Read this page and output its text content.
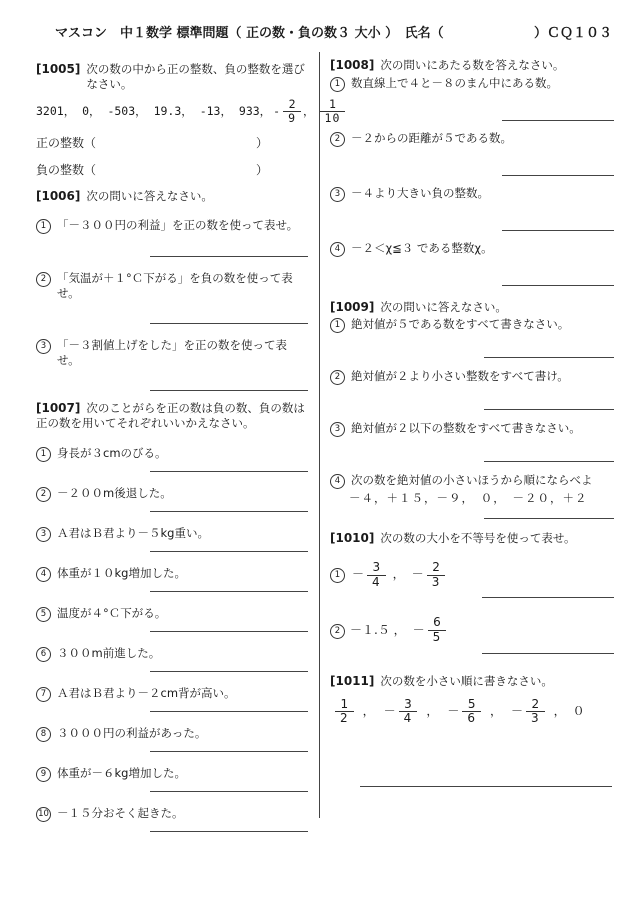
マスコン　中１数学 標準問題（ 正の数・負の数３ 大小 ）　氏名（	）ＣＱ１０３
[1005] 次の数の中から正の整数、負の整数を選びなさい。
3201， 0， -503， 19.3， -13， 933， -
2
9 ，
1
10
正の整数（	）
負の整数（	）
[1006] 次の問いに答えなさい。
1 「－３００円の利益」を正の数を使って表せ。
2 「気温が＋１°Ｃ下がる」を負の数を使って表せ。
3 「－３割値上げをした」を正の数を使って表せ。
[1007] 次のことがらを正の数は負の数、負の数は正の数を用いてそれぞれいいかえなさい。
1 身長が３cmのびる。
2 －２００m後退した。
3 Ａ君はＢ君より－５kg重い。
4 体重が１０kg増加した。
5 温度が４°Ｃ下がる。
6 ３００m前進した。
7 Ａ君はＢ君より－２cm背が高い。
8 ３０００円の利益があった。
9 体重が－６kg増加した。
10 －１５分おそく起きた。
[1008] 次の問いにあたる数を答えなさい。
1 数直線上で４と－８のまん中にある数。
2 －２からの距離が５である数。
3 －４より大きい負の整数。
4 －２＜χ≦３ である整数χ。
[1009] 次の問いに答えなさい。
1 絶対値が５である数をすべて書きなさい。
2 絶対値が２より小さい整数をすべて書け。
3 絶対値が２以下の整数をすべて書きなさい。
4 次の数を絶対値の小さいほうから順にならべよ
－４，＋１５，－９，　０，　－２０，＋２
[1010] 次の数の大小を不等号を使って表せ。
1 －
3
4
， －
2
3
2 －１.５ ， －
6
5
[1011] 次の数を小さい順に書きなさい。
1
2
， －
3
4
， －
5
6
， －
2
3
， ０
